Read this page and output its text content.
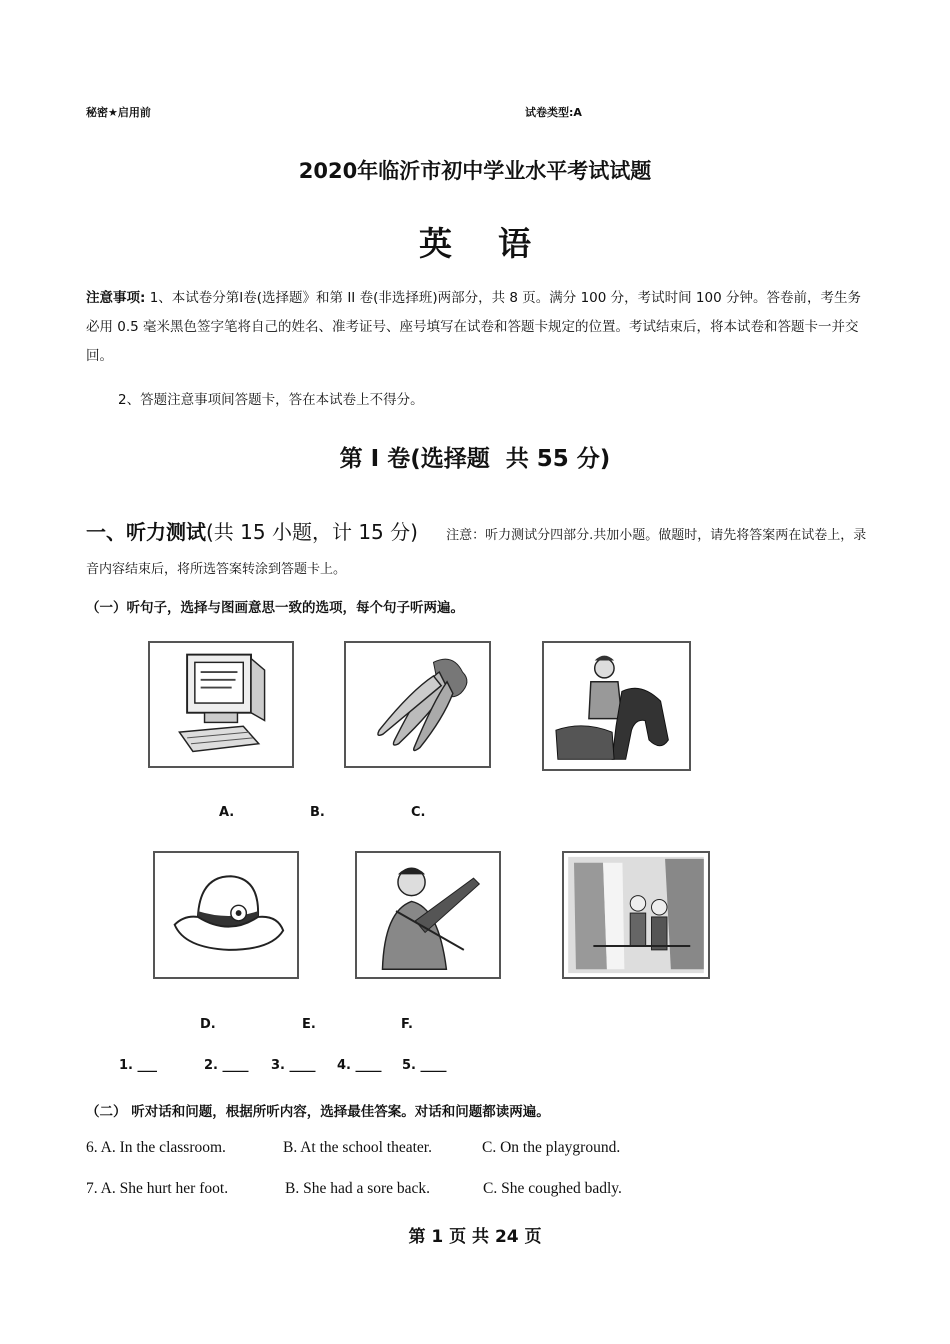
秘密★启用前	试卷类型:A
2020年临沂市初中学业水平考试试题
英    语
注意事项: 1、本试卷分第Ⅰ卷(选择题》和第 II 卷(非选择班)两部分，共 8 页。满分 100 分，考试时间 100 分钟。答卷前，考生务必用 0.5 毫米黑色签字笔将自己的姓名、准考证号、座号填写在试卷和答题卡规定的位置。考试结束后，将本试卷和答题卡一并交回。
2、答题注意事项间答题卡，答在本试卷上不得分。
第 I 卷(选择题  共 55 分)
一、听力测试(共 15 小题，计 15 分) 注意：听力测试分四部分.共加小题。做题时，请先将答案两在试卷上，录音内容结束后，将所选答案转涂到答题卡上。
（一）听句子，选择与图画意思一致的选项，每个句子听两遍。
A.	B.	C.
D.	E.	F.
1. ___	2. ____ 3. ____ 4. ____ 5. ____
（二） 听对话和问题，根据所听内容，选择最佳答案。对话和问题都读两遍。
6. A. In the classroom.	B. At the school theater.	C. On the playground.
7. A. She hurt her foot.	B. She had a sore back.	C. She coughed badly.
第 1 页 共 24 页
